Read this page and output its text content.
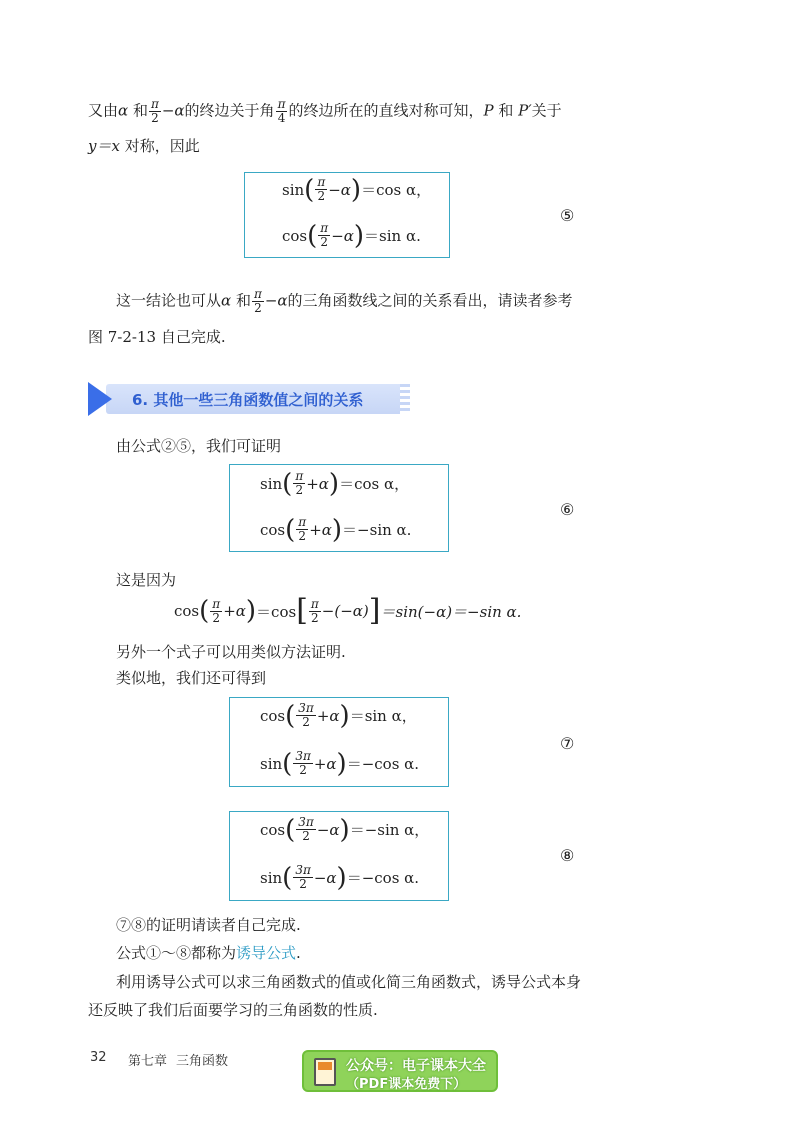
又由α 和 $\frac{\pi}{2} -\alpha$的终边关于角 $\frac{\pi}{4}$ 的终边所在的直线对称可知，P 和 P′关于
y＝x 对称，因此
sin ( $\frac{\pi}{2} -\alpha$ ) ＝cos α，
cos ( $\frac{\pi}{2} -\alpha$ ) ＝sin α.
⑤
这一结论也可从α 和 $\frac{\pi}{2} -\alpha$的三角函数线之间的关系看出，请读者参考
图 7-2-13 自己完成.
6. 其他一些三角函数值之间的关系
由公式②⑤，我们可证明
sin ( $\frac{\pi}{2} +\alpha$ ) ＝cos α，
cos ( $\frac{\pi}{2} +\alpha$ ) ＝−sin α.
⑥
这是因为
cos ( $\frac{\pi}{2} +\alpha$ ) ＝cos [ $\frac{\pi}{2} -(-\alpha)$ ] ＝sin(−α)＝−sin α.
另外一个式子可以用类似方法证明.
类似地，我们还可得到
cos ( $\frac{3\pi}{2} +\alpha$ ) ＝sin α，
sin ( $\frac{3\pi}{2} +\alpha$ ) ＝−cos α.
⑦
cos ( $\frac{3\pi}{2} -\alpha$ ) ＝−sin α，
sin ( $\frac{3\pi}{2} -\alpha$ ) ＝−cos α.
⑧
⑦⑧的证明请读者自己完成.
公式①～⑧都称为诱导公式.
利用诱导公式可以求三角函数式的值或化简三角函数式，诱导公式本身
还反映了我们后面要学习的三角函数的性质.
32 第七章 三角函数	公众号：电子课本大全
（PDF课本免费下）
